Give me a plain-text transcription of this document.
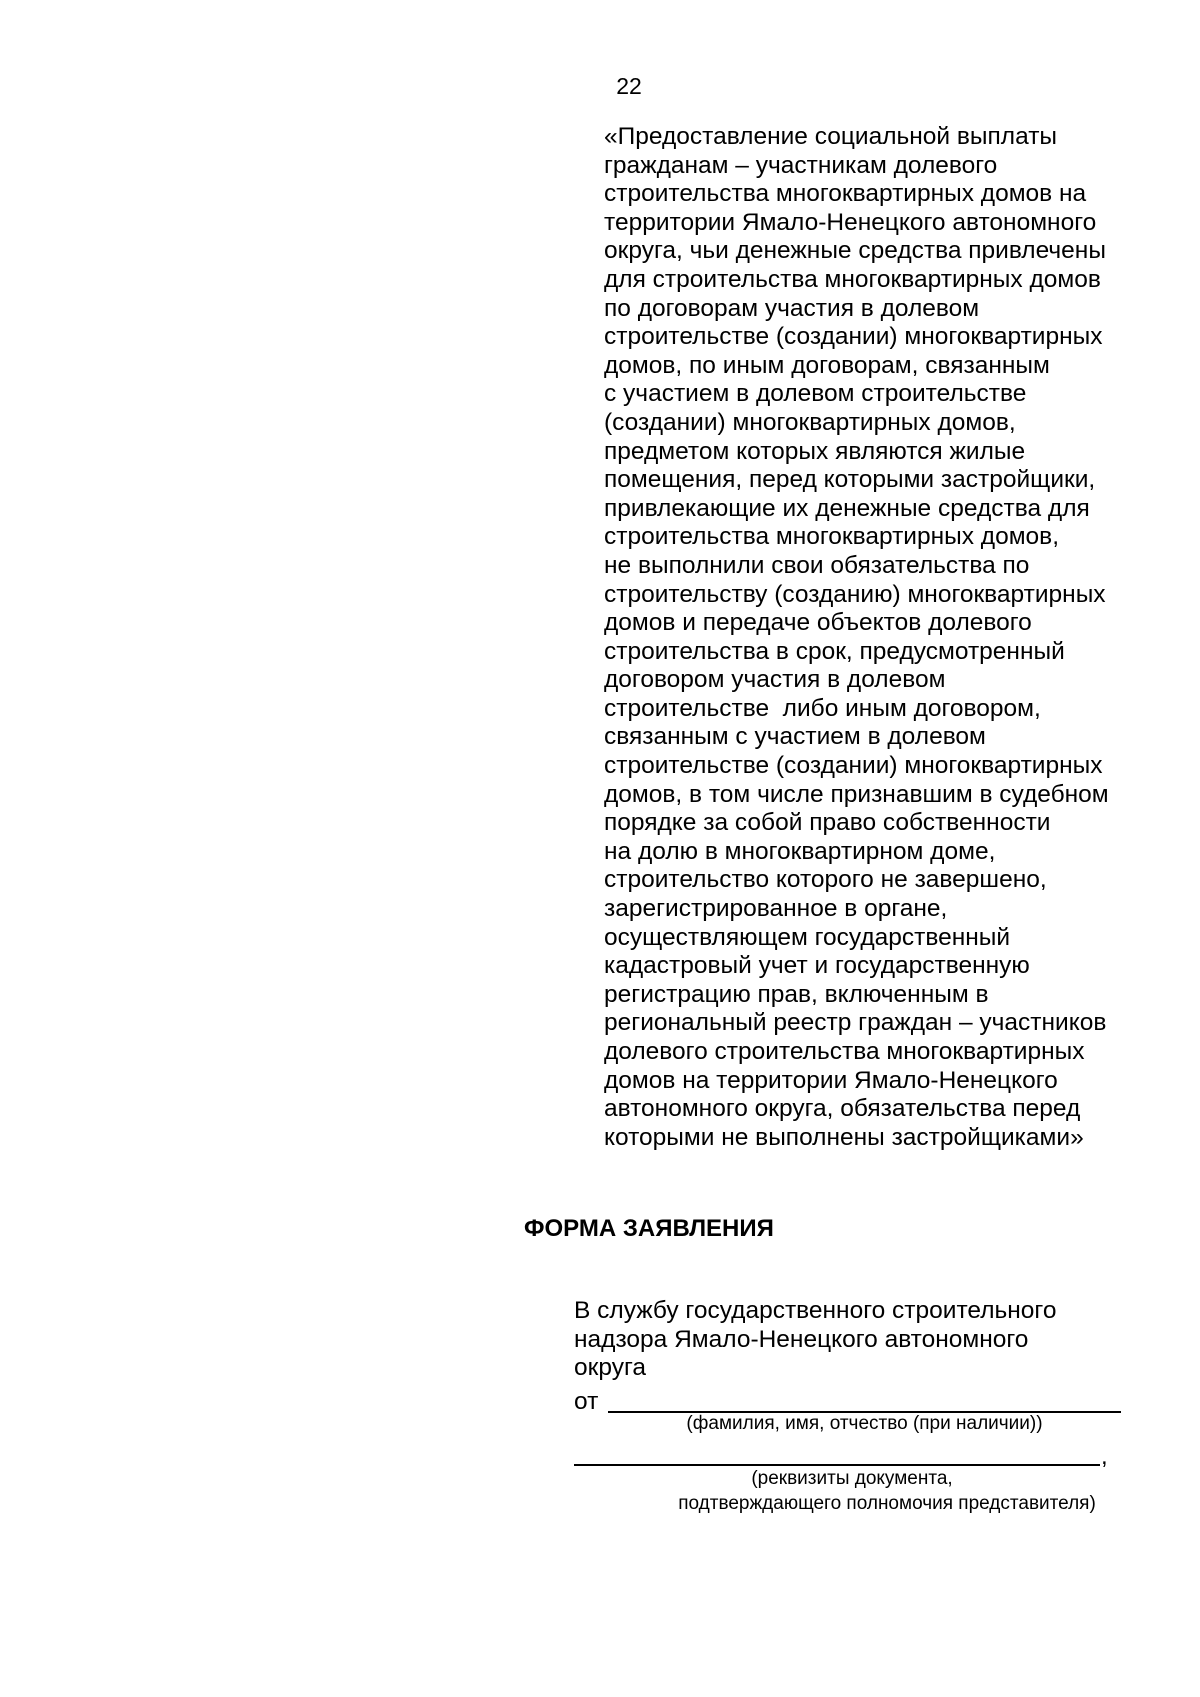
22
«Предоставление социальной выплаты
гражданам – участникам долевого
строительства многоквартирных домов на
территории Ямало-Ненецкого автономного
округа, чьи денежные средства привлечены
для строительства многоквартирных домов
по договорам участия в долевом
строительстве (создании) многоквартирных
домов, по иным договорам, связанным
с участием в долевом строительстве
(создании) многоквартирных домов,
предметом которых являются жилые
помещения, перед которыми застройщики,
привлекающие их денежные средства для
строительства многоквартирных домов,
не выполнили свои обязательства по
строительству (созданию) многоквартирных
домов и передаче объектов долевого
строительства в срок, предусмотренный
договором участия в долевом
строительстве  либо иным договором,
связанным с участием в долевом
строительстве (создании) многоквартирных
домов, в том числе признавшим в судебном
порядке за собой право собственности
на долю в многоквартирном доме,
строительство которого не завершено,
зарегистрированное в органе,
осуществляющем государственный
кадастровый учет и государственную
регистрацию прав, включенным в
региональный реестр граждан – участников
долевого строительства многоквартирных
домов на территории Ямало-Ненецкого
автономного округа, обязательства перед
которыми не выполнены застройщиками»
ФОРМА ЗАЯВЛЕНИЯ
В службу государственного строительного
надзора Ямало-Ненецкого автономного
округа
от
(фамилия, имя, отчество (при наличии))
,
(реквизиты документа,
подтверждающего полномочия представителя)
